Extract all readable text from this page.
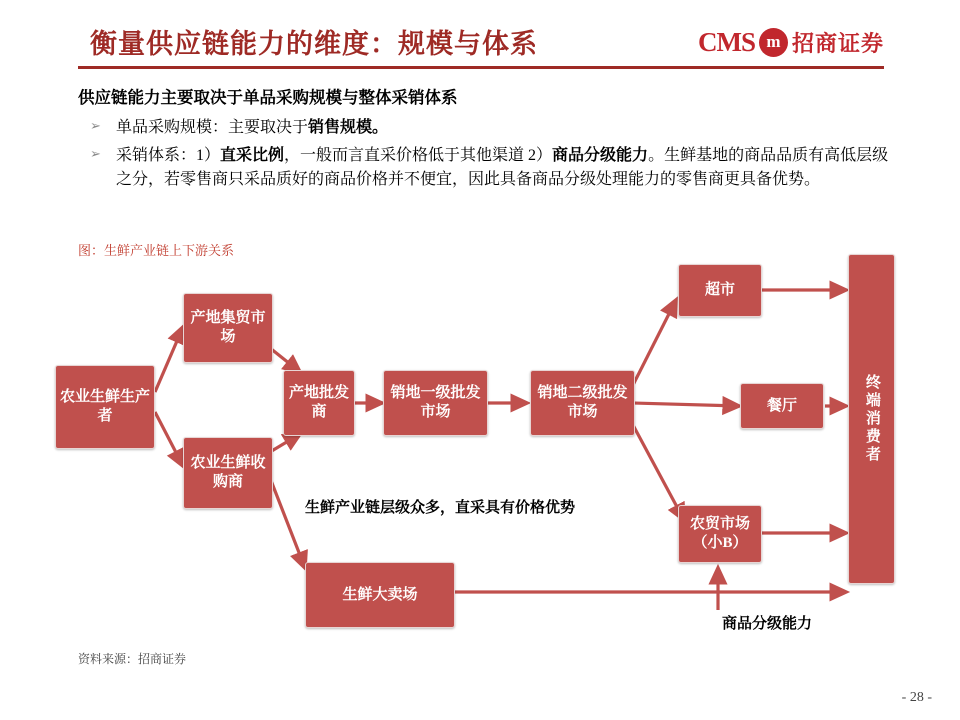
衡量供应链能力的维度：规模与体系	CMS m 招商证券
供应链能力主要取决于单品采购规模与整体采销体系
➢ 单品采购规模：主要取决于销售规模。
➢ 采销体系：1）直采比例，一般而言直采价格低于其他渠道 2）商品分级能力。生鲜基地的商品品质有高低层级之分，若零售商只采品质好的商品价格并不便宜，因此具备商品分级处理能力的零售商更具备优势。
图：生鲜产业链上下游关系
农业生鲜生产者
产地集贸市场
农业生鲜收购商
产地批发商
销地一级批发市场
销地二级批发市场
超市
餐厅
农贸市场（小B）
生鲜大卖场
终端消费者
生鲜产业链层级众多，直采具有价格优势
商品分级能力
资料来源：招商证券
- 28 -
